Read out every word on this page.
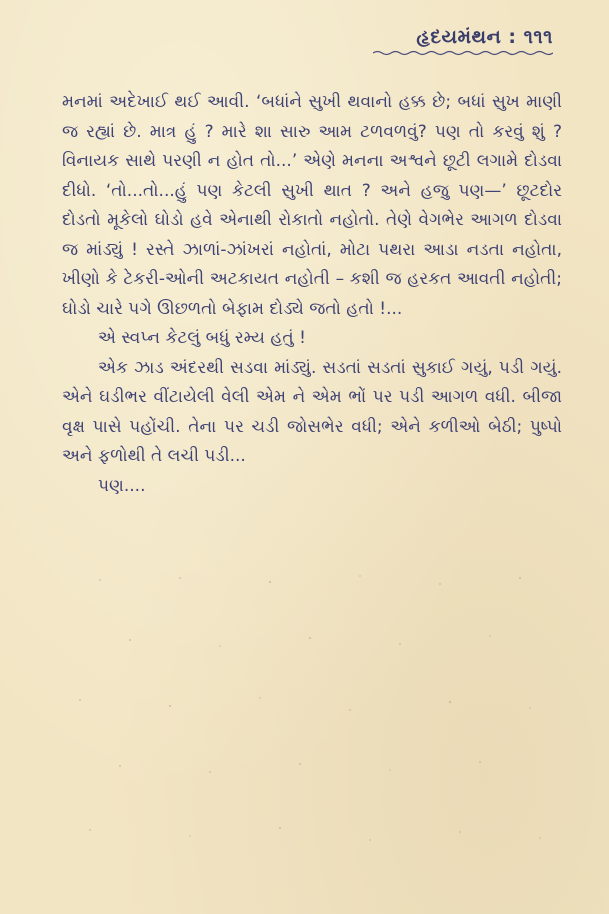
હૃદયમંથન : ૧૧૧

મનમાં અદેખાઈ થઈ આવી. ‘બધાંને સુખી થવાનો હક્ક છે; બધાં સુખ માણી જ રહ્યાં છે. માત્ર હું ? મારે શા સારુ આમ ટળવળવું? પણ તો કરવું શું ? વિનાયક સાથે પરણી ન હોત તો...’ એણે મનના અશ્વને છૂટી લગામે દોડવા દીધો. ‘તો...તો...હું પણ કેટલી સુખી થાત ? અને હજુ પણ—’ છૂટદોર દોડતો મૂકેલો ઘોડો હવે એનાથી રોકાતો નહોતો. તેણે વેગભેર આગળ દોડવા જ માંડ્યું ! રસ્તે ઝાળાં-ઝાંખરાં નહોતાં, મોટા પથરા આડા નડતા નહોતા, ખીણો કે ટેકરી-ઓની અટકાયત નહોતી – કશી જ હરકત આવતી નહોતી; ઘોડો ચારે પગે ઊછળતો બેફામ દોડ્યે જતો હતો !...

એ સ્વપ્ન કેટલું બધું રમ્ય હતું !

એક ઝાડ અંદરથી સડવા માંડ્યું. સડતાં સડતાં સુકાઈ ગયું, પડી ગયું. એને ઘડીભર વીંટાયેલી વેલી એમ ને એમ ભોં પર પડી આગળ વધી. બીજા વૃક્ષ પાસે પહોંચી. તેના પર ચડી જોસભેર વધી; એને કળીઓ બેઠી; પુષ્પો અને ફળોથી તે લચી પડી...

પણ....
